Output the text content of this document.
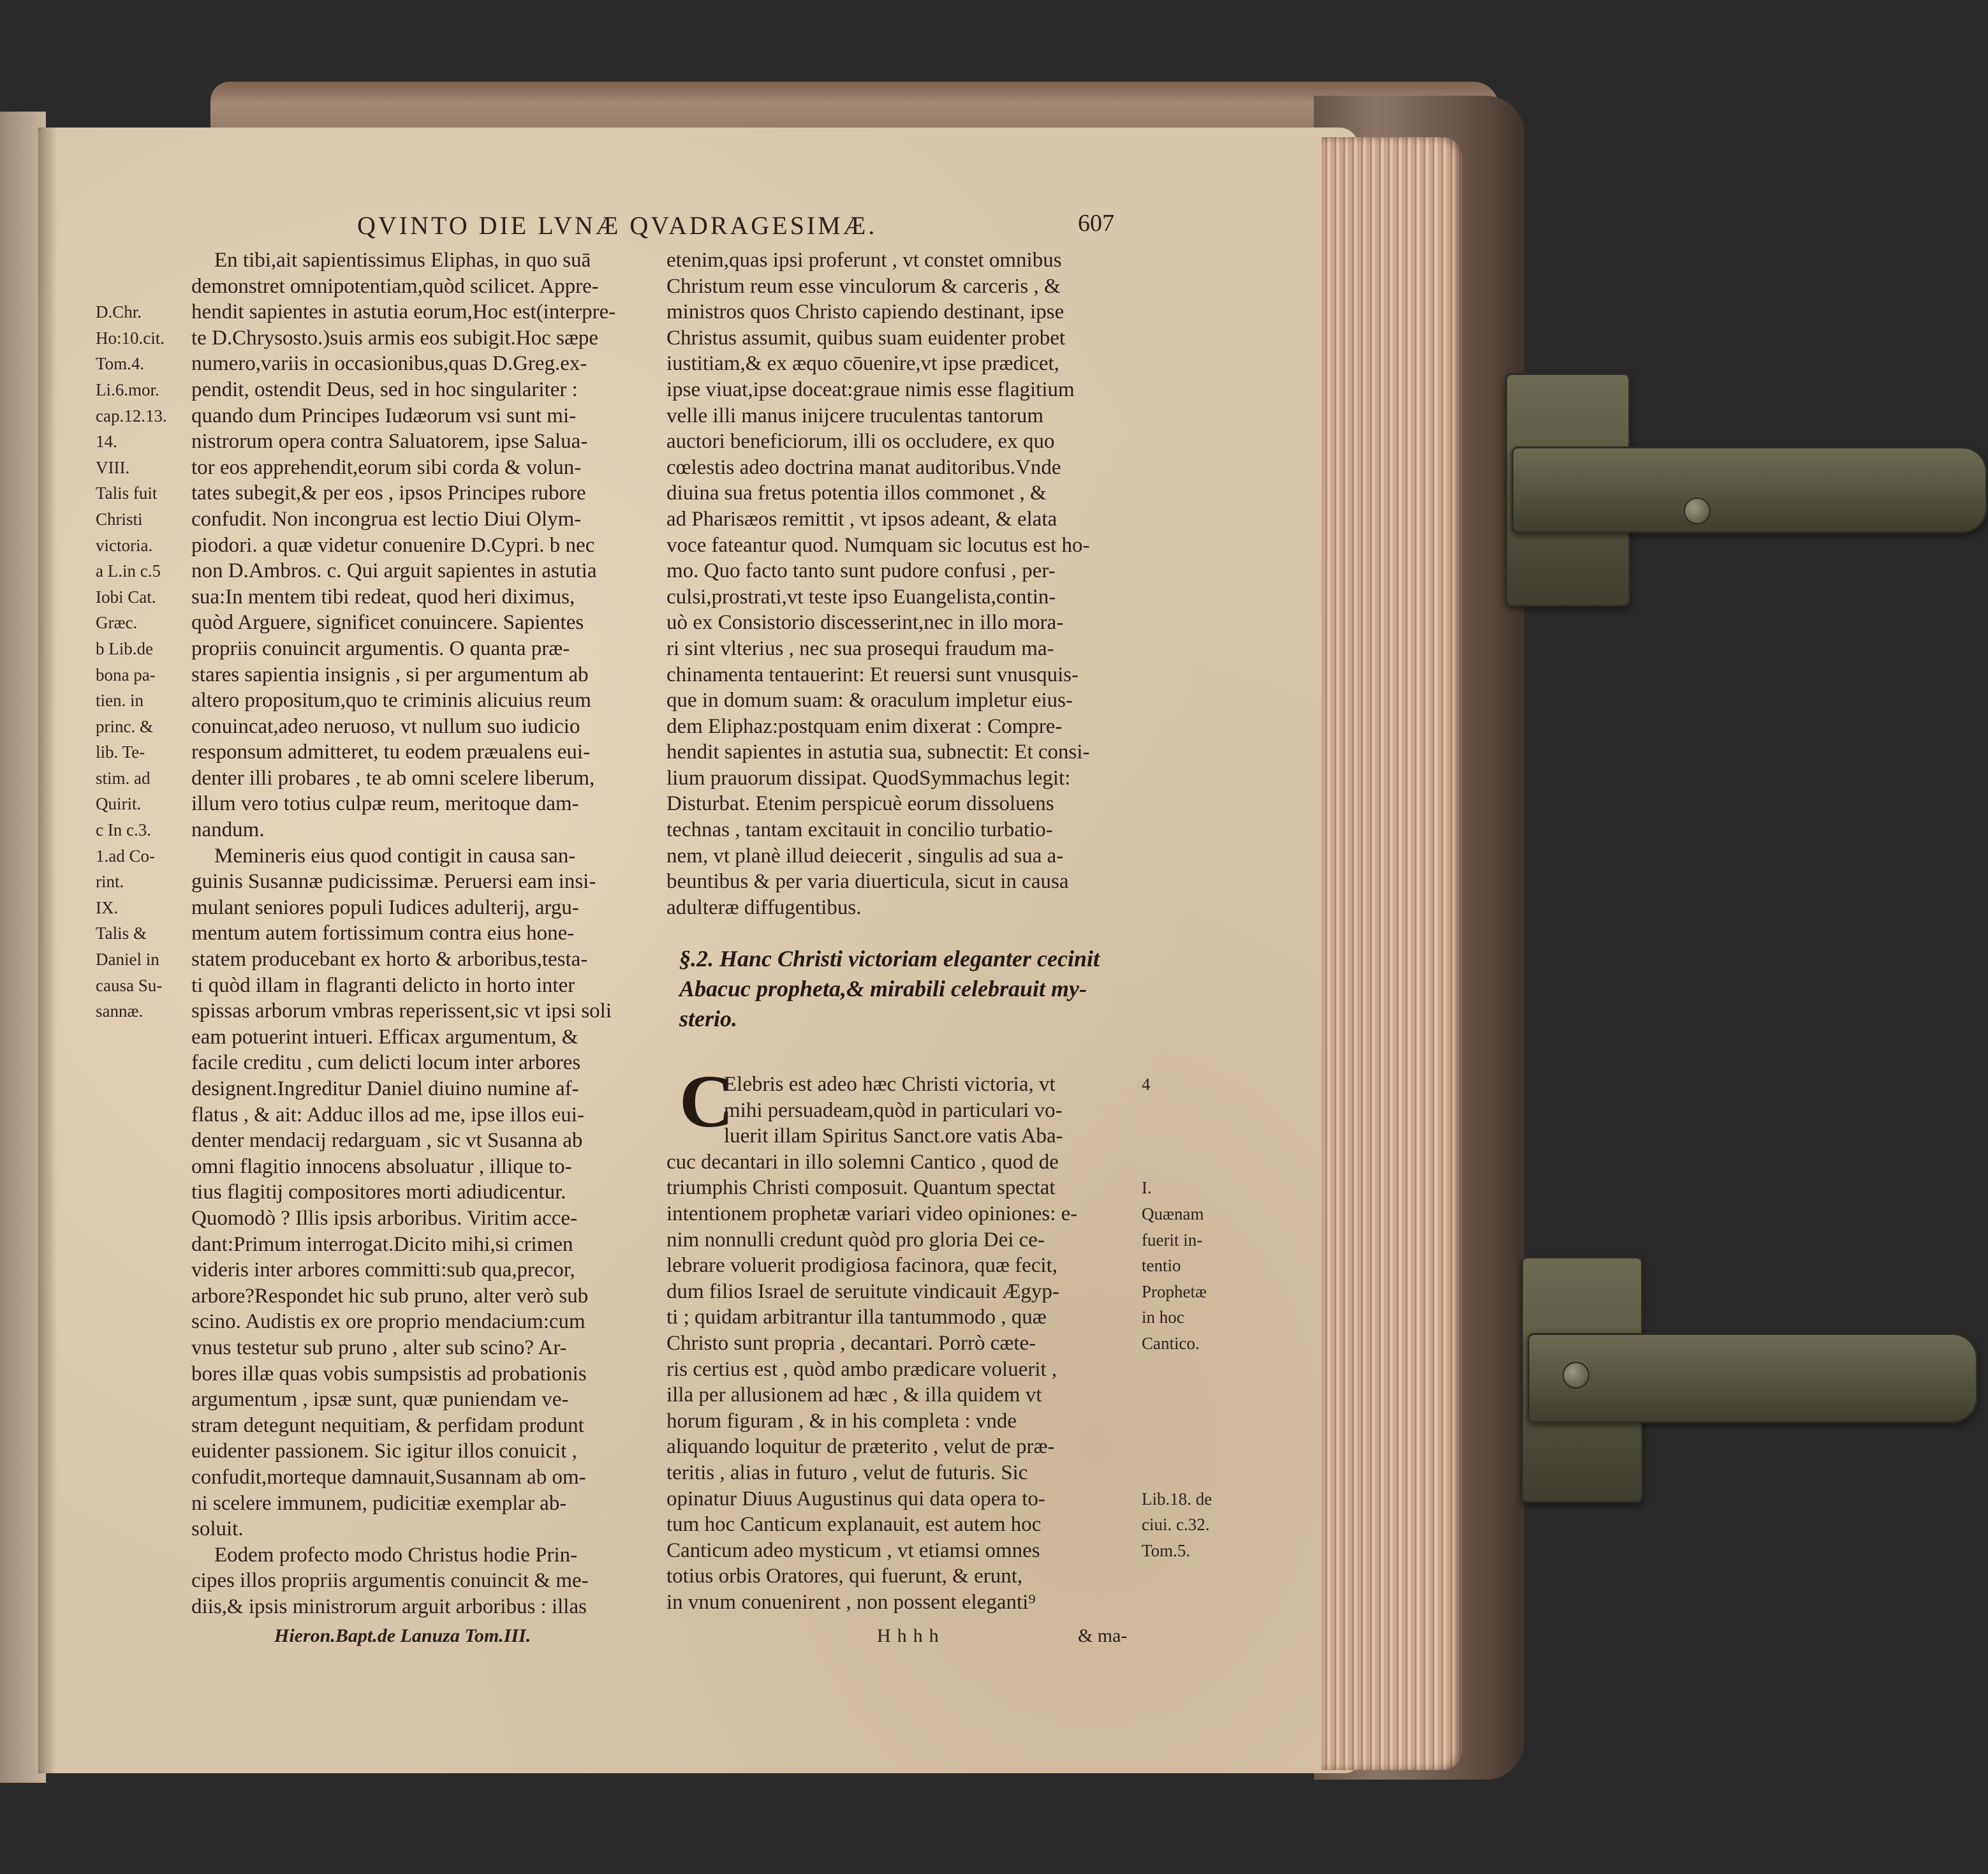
QVINTO DIE LVNÆ QVADRAGESIMÆ.	607
D.Chr.
Ho:10.cit.
Tom.4.
Li.6.mor.
cap.12.13.
14.
VIII.
Talis fuit
Christi
victoria.
a L.in c.5
Iobi Cat.
Græc.
b Lib.de
bona pa-
tien. in
princ. &
lib. Te-
stim. ad
Quirit.
c In c.3.
1.ad Co-
rint.
IX.
Talis &
Daniel in
causa Su-
sannæ.
En tibi,ait sapientissimus Eliphas, in quo suā
demonstret omnipotentiam,quòd scilicet. Appre-
hendit sapientes in astutia eorum,Hoc est(interpre-
te D.Chrysosto.)suis armis eos subigit.Hoc sæpe
numero,variis in occasionibus,quas D.Greg.ex-
pendit, ostendit Deus, sed in hoc singulariter :
quando dum Principes Iudæorum vsi sunt mi-
nistrorum opera contra Saluatorem, ipse Salua-
tor eos apprehendit,eorum sibi corda & volun-
tates subegit,& per eos , ipsos Principes rubore
confudit. Non incongrua est lectio Diui Olym-
piodori. a quæ videtur conuenire D.Cypri. b nec
non D.Ambros. c. Qui arguit sapientes in astutia
sua:In mentem tibi redeat, quod heri diximus,
quòd Arguere, significet conuincere. Sapientes
propriis conuincit argumentis. O quanta præ-
stares sapientia insignis , si per argumentum ab
altero propositum,quo te criminis alicuius reum
conuincat,adeo neruoso, vt nullum suo iudicio
responsum admitteret, tu eodem præualens eui-
denter illi probares , te ab omni scelere liberum,
illum vero totius culpæ reum, meritoque dam-
nandum.
Memineris eius quod contigit in causa san-
guinis Susannæ pudicissimæ. Peruersi eam insi-
mulant seniores populi Iudices adulterij, argu-
mentum autem fortissimum contra eius hone-
statem producebant ex horto & arboribus,testa-
ti quòd illam in flagranti delicto in horto inter
spissas arborum vmbras reperissent,sic vt ipsi soli
eam potuerint intueri. Efficax argumentum, &
facile creditu , cum delicti locum inter arbores
designent.Ingreditur Daniel diuino numine af-
flatus , & ait: Adduc illos ad me, ipse illos eui-
denter mendacij redarguam , sic vt Susanna ab
omni flagitio innocens absoluatur , illique to-
tius flagitij compositores morti adiudicentur.
Quomodò ? Illis ipsis arboribus. Viritim acce-
dant:Primum interrogat.Dicito mihi,si crimen
videris inter arbores committi:sub qua,precor,
arbore?Respondet hic sub pruno, alter verò sub
scino. Audistis ex ore proprio mendacium:cum
vnus testetur sub pruno , alter sub scino? Ar-
bores illæ quas vobis sumpsistis ad probationis
argumentum , ipsæ sunt, quæ puniendam ve-
stram detegunt nequitiam, & perfidam produnt
euidenter passionem. Sic igitur illos conuicit ,
confudit,morteque damnauit,Susannam ab om-
ni scelere immunem, pudicitiæ exemplar ab-
soluit.
Eodem profecto modo Christus hodie Prin-
cipes illos propriis argumentis conuincit & me-
diis,& ipsis ministrorum arguit arboribus : illas
etenim,quas ipsi proferunt , vt constet omnibus
Christum reum esse vinculorum & carceris , &
ministros quos Christo capiendo destinant, ipse
Christus assumit, quibus suam euidenter probet
iustitiam,& ex æquo cōuenire,vt ipse prædicet,
ipse viuat,ipse doceat:graue nimis esse flagitium
velle illi manus inijcere truculentas tantorum
auctori beneficiorum, illi os occludere, ex quo
cœlestis adeo doctrina manat auditoribus.Vnde
diuina sua fretus potentia illos commonet , &
ad Pharisæos remittit , vt ipsos adeant, & elata
voce fateantur quod. Numquam sic locutus est ho-
mo. Quo facto tanto sunt pudore confusi , per-
culsi,prostrati,vt teste ipso Euangelista,contin-
uò ex Consistorio discesserint,nec in illo mora-
ri sint vlterius , nec sua prosequi fraudum ma-
chinamenta tentauerint: Et reuersi sunt vnusquis-
que in domum suam: & oraculum impletur eius-
dem Eliphaz:postquam enim dixerat : Compre-
hendit sapientes in astutia sua, subnectit: Et consi-
lium prauorum dissipat. QuodSymmachus legit:
Disturbat. Etenim perspicuè eorum dissoluens
technas , tantam excitauit in concilio turbatio-
nem, vt planè illud deiecerit , singulis ad sua a-
beuntibus & per varia diuerticula, sicut in causa
adulteræ diffugentibus.
§.2. Hanc Christi victoriam eleganter cecinit
Abacuc propheta,& mirabili celebrauit my-
sterio.
C
Elebris est adeo hæc Christi victoria, vt
mihi persuadeam,quòd in particulari vo-
luerit illam Spiritus Sanct.ore vatis Aba-
cuc decantari in illo solemni Cantico , quod de
triumphis Christi composuit. Quantum spectat
intentionem prophetæ variari video opiniones: e-
nim nonnulli credunt quòd pro gloria Dei ce-
lebrare voluerit prodigiosa facinora, quæ fecit,
dum filios Israel de seruitute vindicauit Ægyp-
ti ; quidam arbitrantur illa tantummodo , quæ
Christo sunt propria , decantari. Porrò cæte-
ris certius est , quòd ambo prædicare voluerit ,
illa per allusionem ad hæc , & illa quidem vt
horum figuram , & in his completa : vnde
aliquando loquitur de præterito , velut de præ-
teritis , alias in futuro , velut de futuris. Sic
opinatur Diuus Augustinus qui data opera to-
tum hoc Canticum explanauit, est autem hoc
Canticum adeo mysticum , vt etiamsi omnes
totius orbis Oratores, qui fuerunt, & erunt,
in vnum conuenirent , non possent eleganti⁹
4
I.
Quænam
fuerit in-
tentio
Prophetæ
in hoc
Cantico.
Lib.18. de
ciui. c.32.
Tom.5.
Hieron.Bapt.de Lanuza Tom.III.	Hhhh	& ma-
